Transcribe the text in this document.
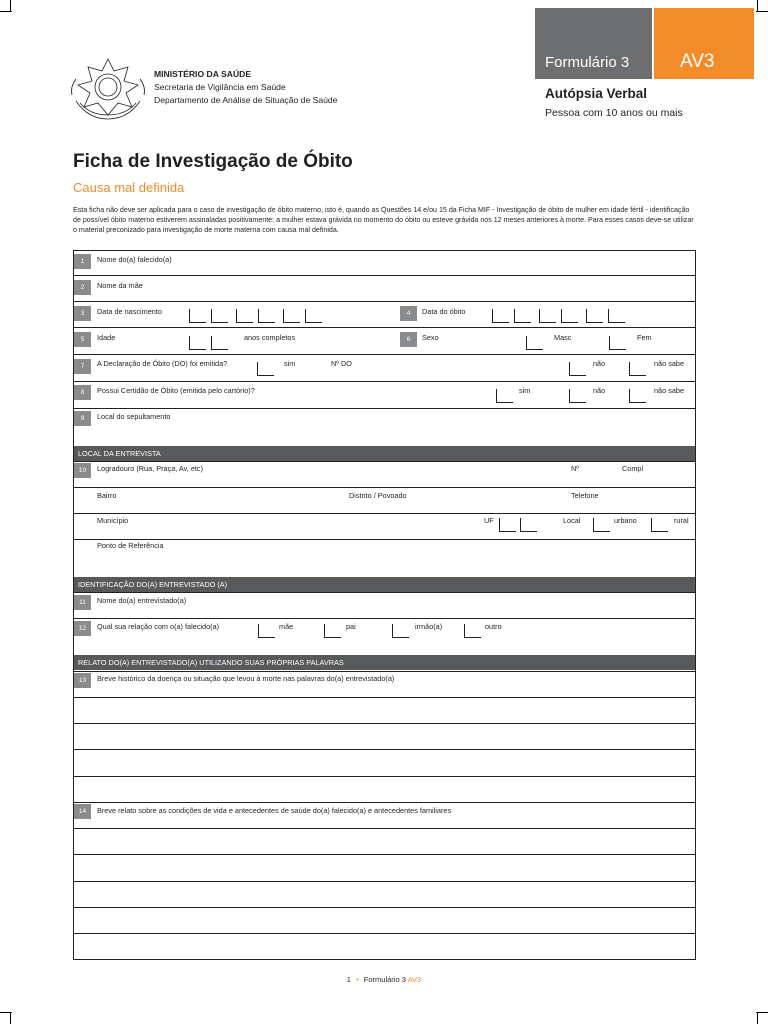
Formulário 3	AV3
Autópsia Verbal
Pessoa com 10 anos ou mais
MINISTÉRIO DA SAÚDE
Secretaria de Vigilância em Saúde
Departamento de Análise de Situação de Saúde
Ficha de Investigação de Óbito
Causa mal definida
Esta ficha não deve ser aplicada para o caso de investigação de óbito materno, isto é, quando as Questões 14 e/ou 15 da Ficha MIF - Investigação de óbito de mulher em idade fértil - identificação de possível óbito materno estiverem assinaladas positivamente: a mulher estava grávida no momento do óbito ou esteve grávida nos 12 meses anteriores à morte. Para esses casos deve-se utilizar o material preconizado para investigação de morte materna com causa mal definida.
1	Nome do(a) falecido(a)
2	Nome da mãe
3	Data de nascimento	4	Data do óbito
5	Idade	anos completos	6	Sexo	Masc	Fem
7	A Declaração de Óbito (DO) foi emitida?	sim	Nº DO	não	não sabe
8	Possui Certidão de Óbito (emitida pelo cartório)?	sim	não	não sabe
9	Local do sepultamento
LOCAL DA ENTREVISTA
10	Logradouro (Rua, Praça, Av, etc)	Nº	Compl
Bairro	Distrito / Povoado	Telefone
Município	UF	Local	urbano	rural
Ponto de Referência
IDENTIFICAÇÃO DO(A) ENTREVISTADO (A)
11	Nome do(a) entrevistado(a)
12	Qual sua relação com o(a) falecido(a)	mãe	pai	irmão(a)	outro
RELATO DO(A) ENTREVISTADO(A) UTILIZANDO SUAS PRÓPRIAS PALAVRAS
13	Breve histórico da doença ou situação que levou à morte nas palavras do(a) entrevistado(a)
14	Breve relato sobre as condições de vida e antecedentes de saúde do(a) falecido(a) e antecedentes familiares
1 • Formulário 3 AV3
